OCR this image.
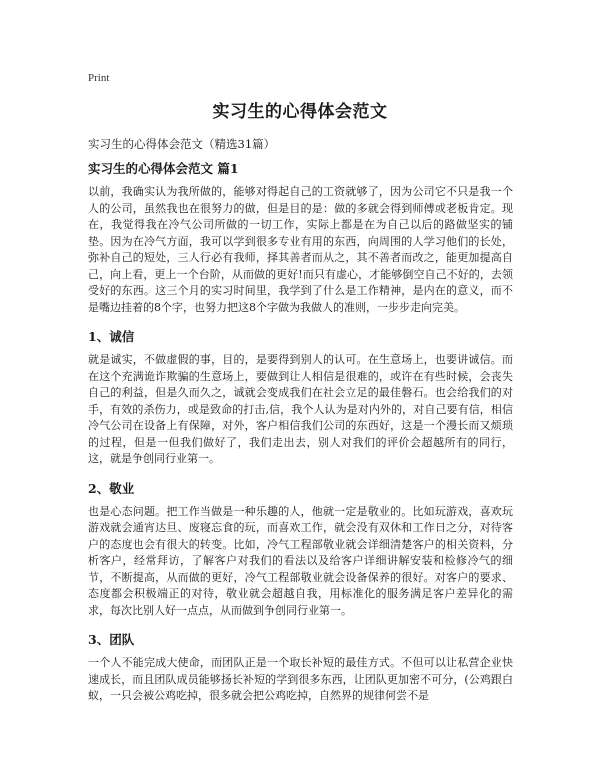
Print
实习生的心得体会范文
实习生的心得体会范文（精选31篇）
实习生的心得体会范文 篇1

以前，我确实认为我所做的，能够对得起自己的工资就够了，因为公司它不只是我一个人的公司，虽然我也在很努力的做，但是目的是：做的多就会得到师傅或老板肯定。现在，我觉得我在冷气公司所做的一切工作，实际上都是在为自己以后的路做坚实的铺垫。因为在冷气方面，我可以学到很多专业有用的东西，向周围的人学习他们的长处，弥补自己的短处，三人行必有我师，择其善者而从之，其不善者而改之，能更加提高自己，向上看，更上一个台阶，从而做的更好!而只有虚心，才能够倒空自己不好的，去领受好的东西。这三个月的实习时间里，我学到了什么是工作精神，是内在的意义，而不是嘴边挂着的8个字，也努力把这8个字做为我做人的准则，一步步走向完美。

1、诚信

就是诚实，不做虚假的事，目的，是要得到别人的认可。在生意场上，也要讲诚信。而在这个充满诡诈欺骗的生意场上，要做到让人相信是很难的，或许在有些时候，会丧失自己的利益，但是久而久之，诚就会变成我们在社会立足的最佳磐石。也会给我们的对手，有效的杀伤力，或是致命的打击,信，我个人认为是对内外的，对自己要有信，相信冷气公司在设备上有保障，对外，客户相信我们公司的东西好，这是一个漫长而又烦琐的过程，但是一但我们做好了，我们走出去，别人对我们的评价会超越所有的同行，这，就是争创同行业第一。

2、敬业

也是心态问题。把工作当做是一种乐趣的人，他就一定是敬业的。比如玩游戏，喜欢玩游戏就会通宵达旦、废寝忘食的玩，而喜欢工作，就会没有双休和工作日之分，对待客户的态度也会有很大的转变。比如，冷气工程部敬业就会详细清楚客户的相关资料，分析客户，经常拜访，了解客户对我们的看法以及给客户详细讲解安装和检修冷气的细节，不断提高，从而做的更好，冷气工程部敬业就会设备保养的很好。对客户的要求、态度都会积极端正的对待，敬业就会超越自我，用标准化的服务满足客户差异化的需求，每次比别人好一点点，从而做到争创同行业第一。

3、团队

一个人不能完成大使命，而团队正是一个取长补短的最佳方式。不但可以让私营企业快速成长，而且团队成员能够扬长补短的学到很多东西，让团队更加密不可分，(公鸡跟白蚁，一只会被公鸡吃掉，很多就会把公鸡吃掉，自然界的规律何尝不是
